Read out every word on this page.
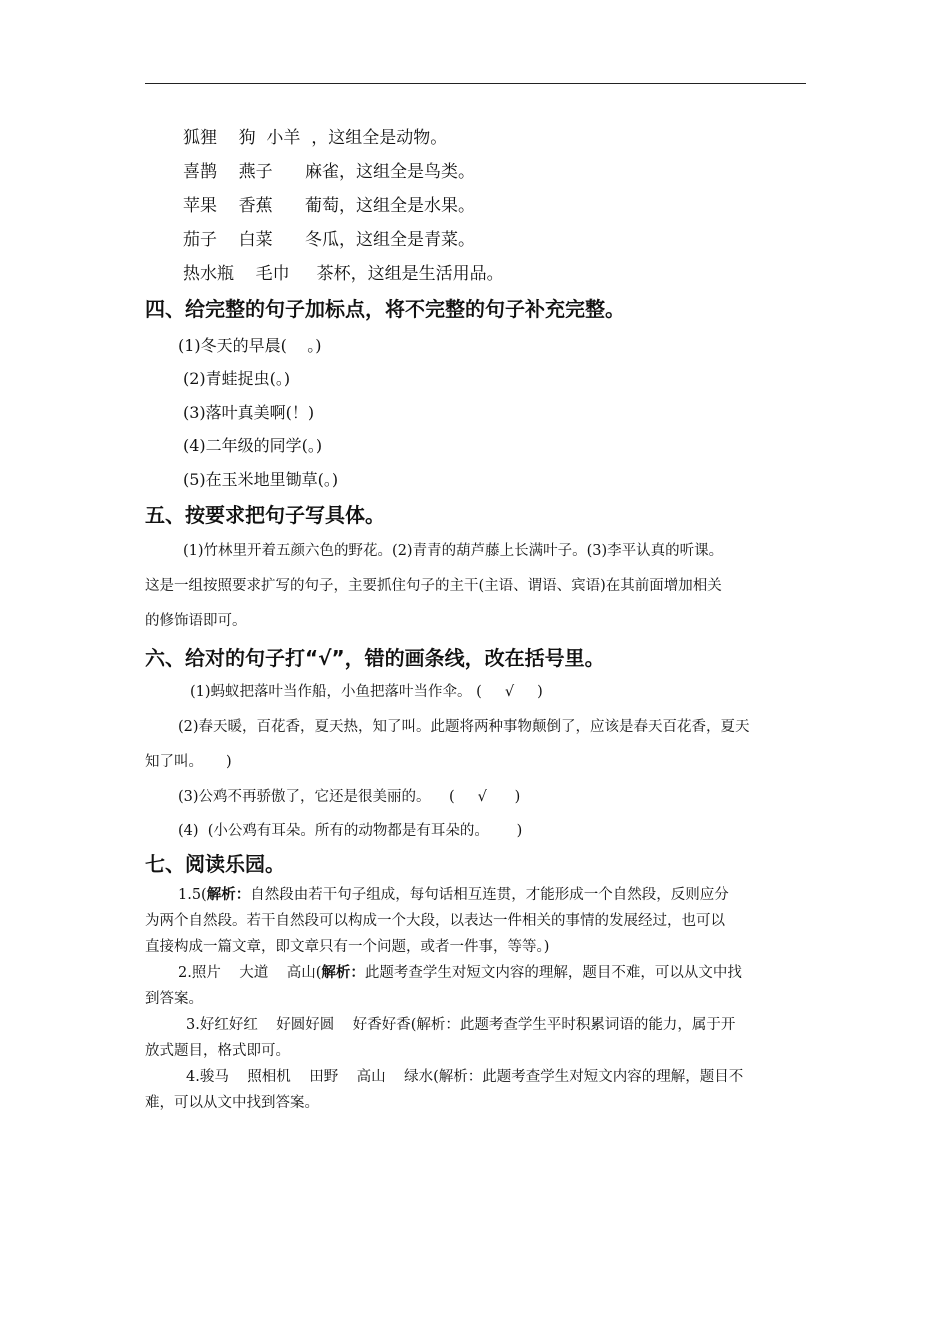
狐狸    狗  小羊  ，这组全是动物。
喜鹊    燕子      麻雀，这组全是鸟类。
苹果    香蕉      葡萄，这组全是水果。
茄子    白菜      冬瓜，这组全是青菜。
热水瓶    毛巾     茶杯，这组是生活用品。
四、给完整的句子加标点，将不完整的句子补充完整。
(1)冬天的早晨(    。)
(2)青蛙捉虫(。)
(3)落叶真美啊(！)
(4)二年级的同学(。)
(5)在玉米地里锄草(。)
五、按要求把句子写具体。
(1)竹林里开着五颜六色的野花。(2)青青的葫芦藤上长满叶子。(3)李平认真的听课。
这是一组按照要求扩写的句子，主要抓住句子的主干(主语、谓语、宾语)在其前面增加相关
的修饰语即可。
六、给对的句子打“√”，错的画条线，改在括号里。
(1)蚂蚁把落叶当作船，小鱼把落叶当作伞。 (     √     )
(2)春天暖，百花香，夏天热，知了叫。此题将两种事物颠倒了，应该是春天百花香，夏天
知了叫。     )
(3)公鸡不再骄傲了，它还是很美丽的。    (     √      )
(4)  (小公鸡有耳朵。所有的动物都是有耳朵的。      )
七、阅读乐园。
1.5(解析：自然段由若干句子组成，每句话相互连贯，才能形成一个自然段，反则应分
为两个自然段。若干自然段可以构成一个大段，以表达一件相关的事情的发展经过，也可以
直接构成一篇文章，即文章只有一个问题，或者一件事，等等。)
2.照片    大道    高山(解析：此题考查学生对短文内容的理解，题目不难，可以从文中找
到答案。
3.好红好红    好圆好圆    好香好香(解析：此题考查学生平时积累词语的能力，属于开
放式题目，格式即可。
4.骏马    照相机    田野    高山    绿水(解析：此题考查学生对短文内容的理解，题目不
难，可以从文中找到答案。
